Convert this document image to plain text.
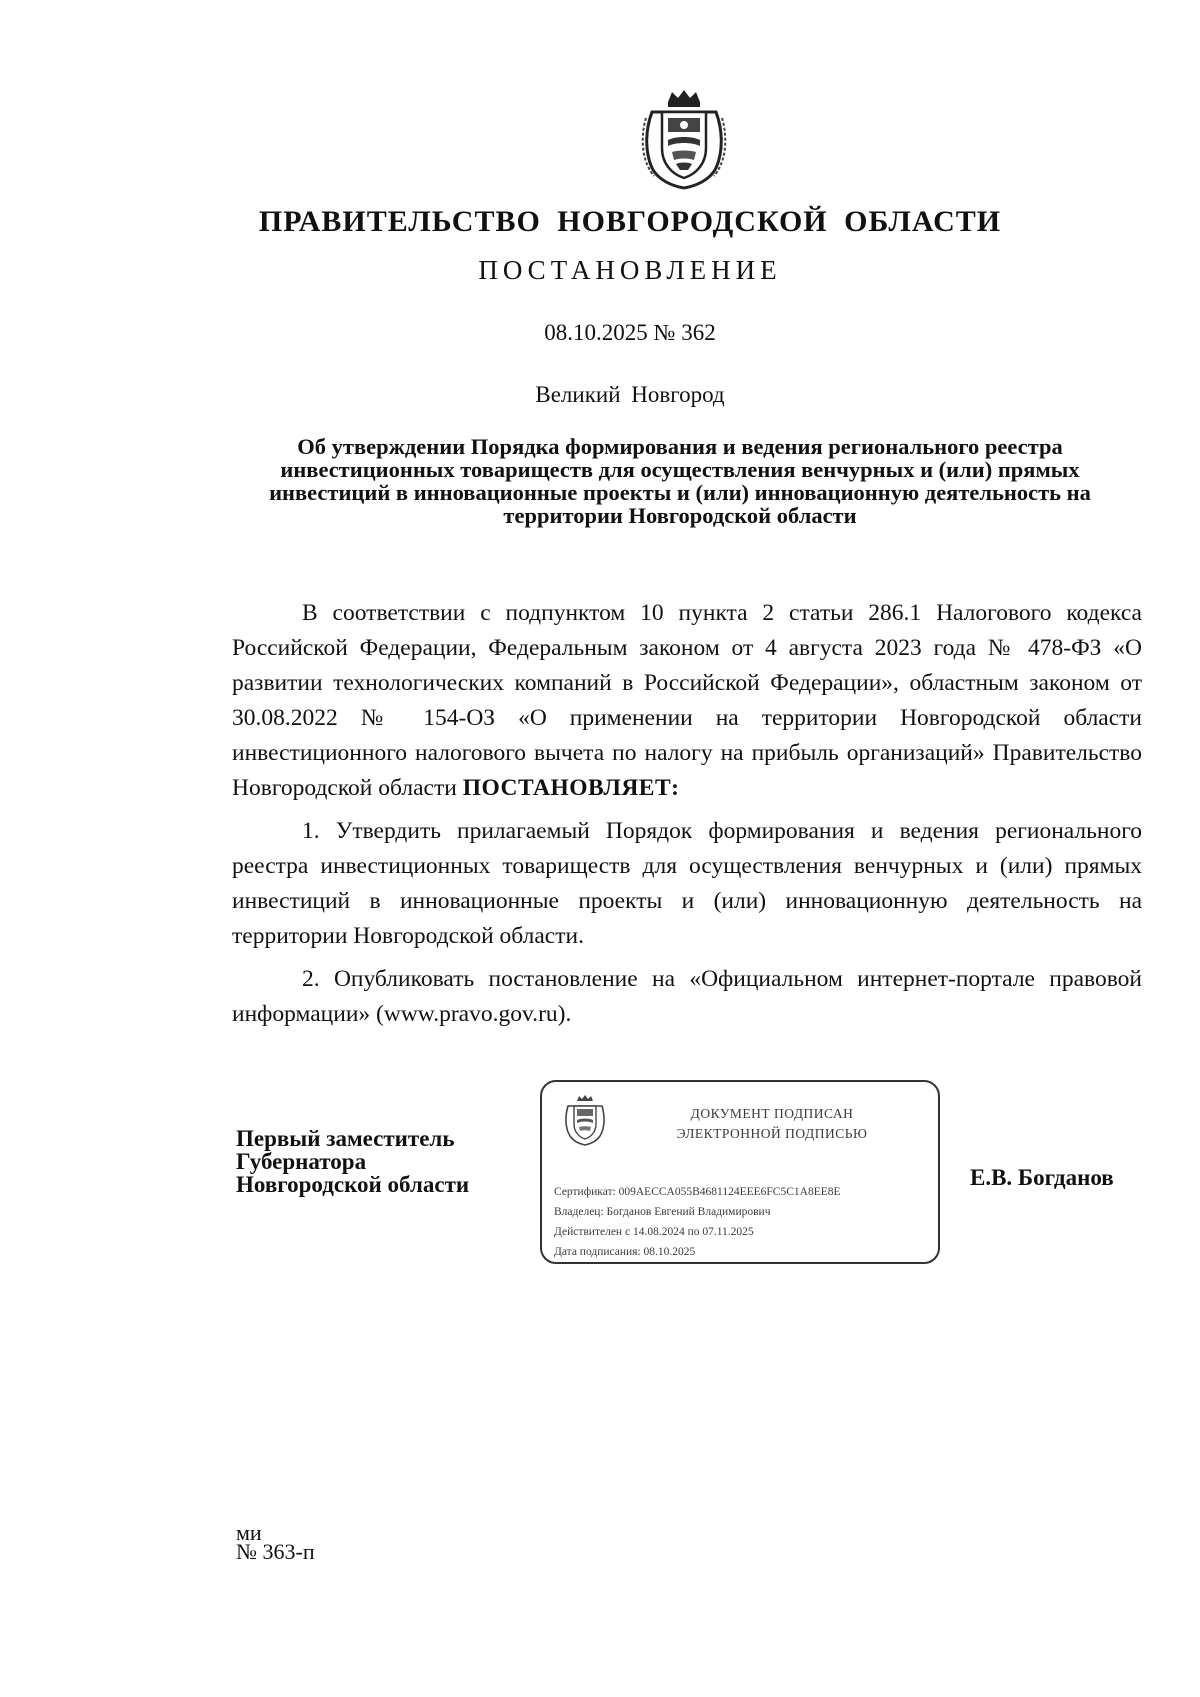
ПРАВИТЕЛЬСТВО НОВГОРОДСКОЙ ОБЛАСТИ
ПОСТАНОВЛЕНИЕ
08.10.2025 № 362
Великий Новгород
Об утверждении Порядка формирования и ведения регионального реестра инвестиционных товариществ для осуществления венчурных и (или) прямых инвестиций в инновационные проекты и (или) инновационную деятельность на территории Новгородской области

В соответствии с подпунктом 10 пункта 2 статьи 286.1 Налогового кодекса Российской Федерации, Федеральным законом от 4 августа 2023 года № 478-ФЗ «О развитии технологических компаний в Российской Федерации», областным законом от 30.08.2022 № 154-ОЗ «О применении на территории Новгородской области инвестиционного налогового вычета по налогу на прибыль организаций» Правительство Новгородской области ПОСТАНОВЛЯЕТ:

1. Утвердить прилагаемый Порядок формирования и ведения регионального реестра инвестиционных товариществ для осуществления венчурных и (или) прямых инвестиций в инновационные проекты и (или) инновационную деятельность на территории Новгородской области.

2. Опубликовать постановление на «Официальном интернет-портале правовой информации» (www.pravo.gov.ru).

Первый заместитель
Губернатора
Новгородской области
ДОКУМЕНТ ПОДПИСАН
ЭЛЕКТРОННОЙ ПОДПИСЬЮ
Сертификат: 009AECCA055B4681124EEE6FC5C1A8EE8E
Владелец: Богданов Евгений Владимирович
Действителен с 14.08.2024 по 07.11.2025
Дата подписания: 08.10.2025
Е.В. Богданов
ми
№ 363-п
